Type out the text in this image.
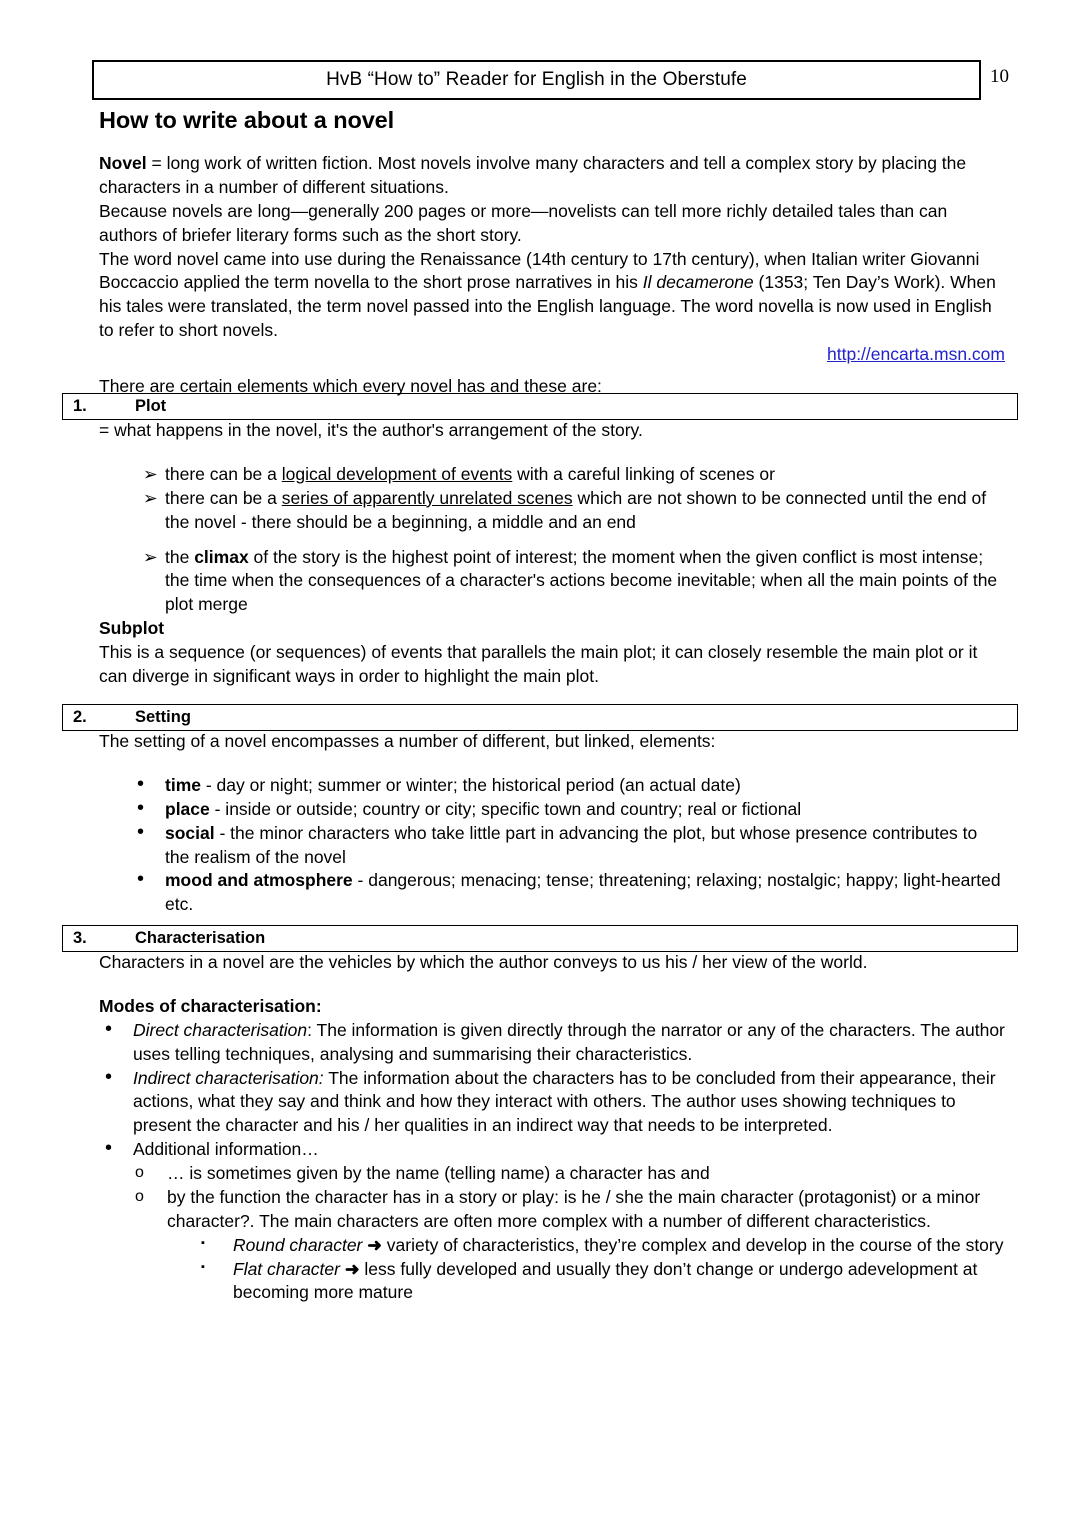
HvB “How to” Reader for English in the Oberstufe	10
How to write about a novel

Novel = long work of written fiction. Most novels involve many characters and tell a complex story by placing the characters in a number of different situations.

Because novels are long—generally 200 pages or more—novelists can tell more richly detailed tales than can authors of briefer literary forms such as the short story.

The word novel came into use during the Renaissance (14th century to 17th century), when Italian writer Giovanni Boccaccio applied the term novella to the short prose narratives in his Il decamerone (1353; Ten Day’s Work). When his tales were translated, the term novel passed into the English language. The word novella is now used in English to refer to short novels.

http://encarta.msn.com

There are certain elements which every novel has and these are:

1.	Plot

= what happens in the novel, it's the author's arrangement of the story.

➢ there can be a logical development of events with a careful linking of scenes or
➢ there can be a series of apparently unrelated scenes which are not shown to be connected until the end of the novel - there should be a beginning, a middle and an end
➢ the climax of the story is the highest point of interest; the moment when the given conflict is most intense; the time when the consequences of a character's actions become inevitable; when all the main points of the plot merge

Subplot

This is a sequence (or sequences) of events that parallels the main plot; it can closely resemble the main plot or it can diverge in significant ways in order to highlight the main plot.

2.	Setting

The setting of a novel encompasses a number of different, but linked, elements:

• time - day or night; summer or winter; the historical period (an actual date)
• place - inside or outside; country or city; specific town and country; real or fictional
• social - the minor characters who take little part in advancing the plot, but whose presence contributes to the realism of the novel
• mood and atmosphere - dangerous; menacing; tense; threatening; relaxing; nostalgic; happy; light-hearted etc.
3.	Characterisation

Characters in a novel are the vehicles by which the author conveys to us his / her view of the world.

Modes of characterisation:

• Direct characterisation: The information is given directly through the narrator or any of the characters. The author uses telling techniques, analysing and summarising their characteristics.
• Indirect characterisation: The information about the characters has to be concluded from their appearance, their actions, what they say and think and how they interact with others. The author uses showing techniques to present the character and his / her qualities in an indirect way that needs to be interpreted.
• Additional information…
o … is sometimes given by the name (telling name) a character has and
o by the function the character has in a story or play: is he / she the main character (protagonist) or a minor character?. The main characters are often more complex with a number of different characteristics.
▪ Round character ➜ variety of characteristics, they’re complex and develop in the course of the story
▪ Flat character ➜ less fully developed and usually they don’t change or undergo adevelopment at becoming more mature
